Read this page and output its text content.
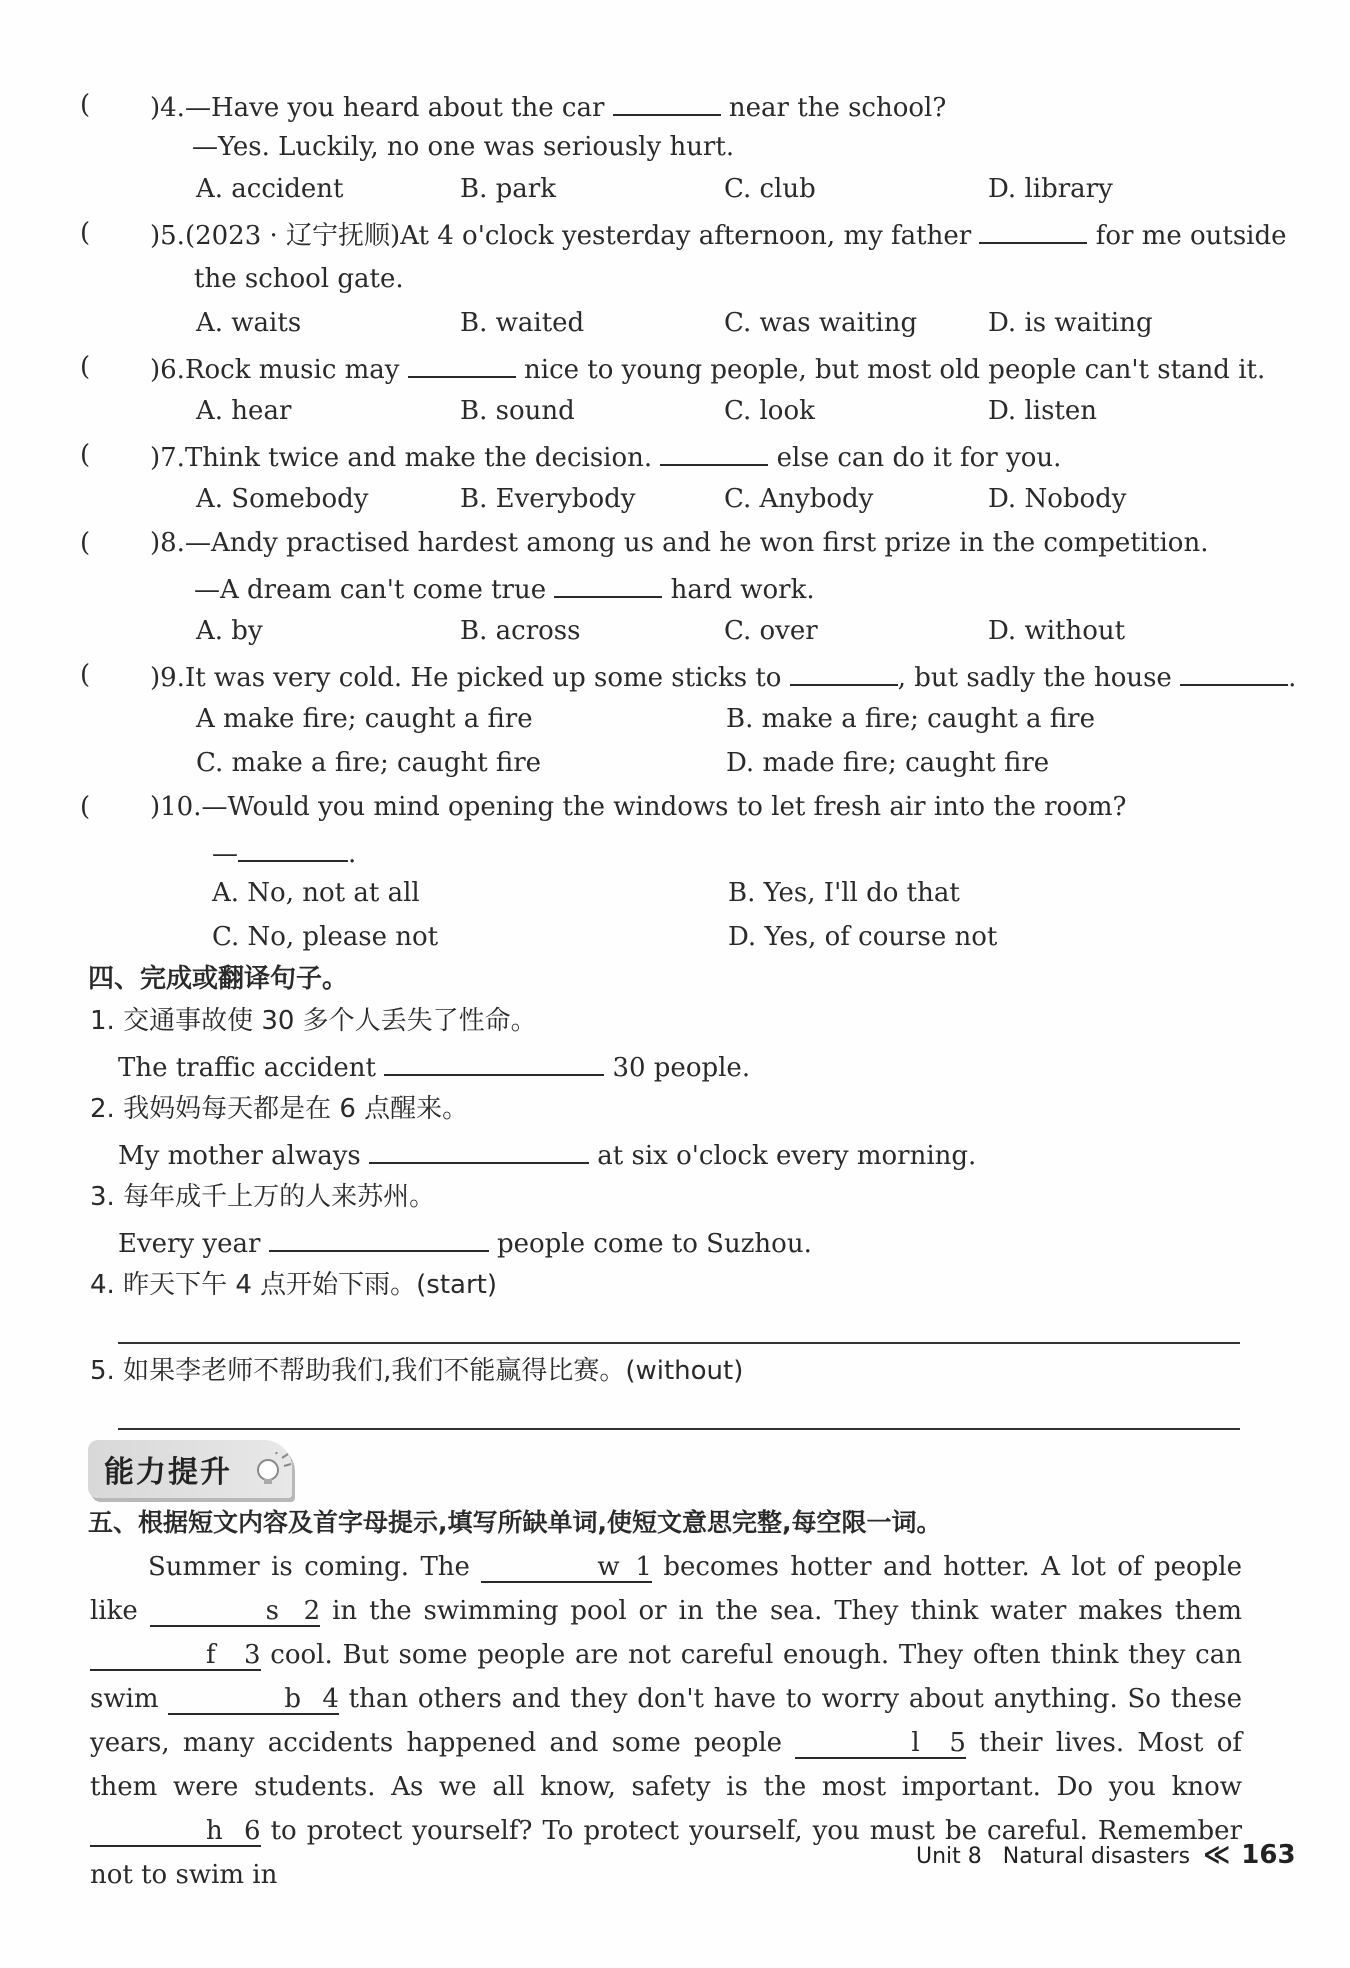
( )4.—Have you heard about the car	near the school?
—Yes. Luckily, no one was seriously hurt.
A. accident	B. park	C. club	D. library
( )5.(2023 · 辽宁抚顺)At 4 o'clock yesterday afternoon, my father	for me outside
the school gate.
A. waits	B. waited	C. was waiting	D. is waiting
( )6.Rock music may	nice to young people, but most old people can't stand it.
A. hear	B. sound	C. look	D. listen
( )7.Think twice and make the decision.	else can do it for you.
A. Somebody	B. Everybody	C. Anybody	D. Nobody
( )8.—Andy practised hardest among us and he won first prize in the competition.
—A dream can't come true	hard work.
A. by	B. across	C. over	D. without
( )9.It was very cold. He picked up some sticks to	, but sadly the house	.
A make fire; caught a fire	B. make a fire; caught a fire
C. make a fire; caught fire	D. made fire; caught fire
( )10.—Would you mind opening the windows to let fresh air into the room?
—	.
A. No, not at all	B. Yes, I'll do that
C. No, please not	D. Yes, of course not
四、完成或翻译句子。
1. 交通事故使 30 多个人丢失了性命。
The traffic accident	30 people.
2. 我妈妈每天都是在 6 点醒来。
My mother always	at six o'clock every morning.
3. 每年成千上万的人来苏州。
Every year	people come to Suzhou.
4. 昨天下午 4 点开始下雨。(start)
5. 如果李老师不帮助我们,我们不能赢得比赛。(without)
能力提升
五、根据短文内容及首字母提示,填写所缺单词,使短文意思完整,每空限一词。

Summer is coming. The	w 1 becomes hotter and hotter. A lot of people like	s 2 in the swimming pool or in the sea. They think water makes them f 3 cool. But some people are not careful enough. They often think they can swim	b 4 than others and they don't have to worry about anything. So these years, many accidents happened and some people	l 5 their lives. Most of them were students. As we all know, safety is the most important. Do you know h 6 to protect yourself? To protect yourself, you must be careful. Remember not to swim in

Unit 8 Natural disasters ≪ 163
